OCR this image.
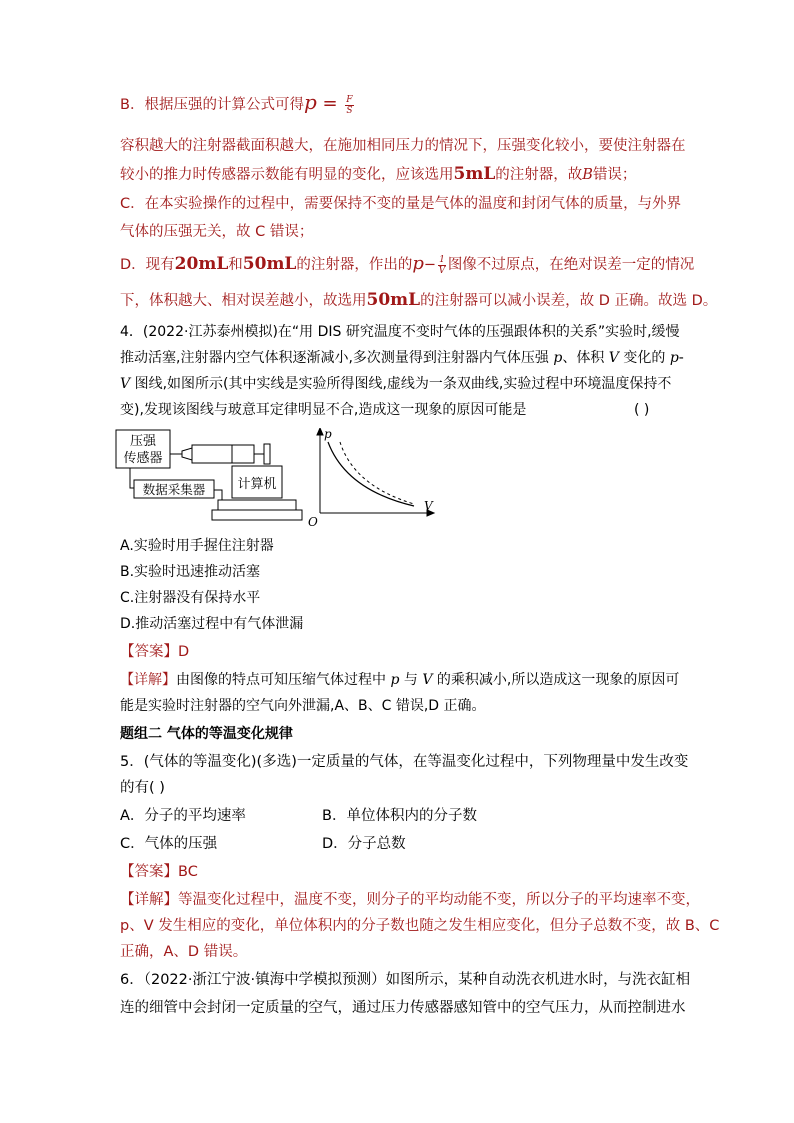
B．根据压强的计算公式可得$p = \frac{F}{S}$
容积越大的注射器截面积越大，在施加相同压力的情况下，压强变化较小，要使注射器在
较小的推力时传感器示数能有明显的变化，应该选用5mL的注射器，故B错误；
C．在本实验操作的过程中，需要保持不变的量是气体的温度和封闭气体的质量，与外界
气体的压强无关，故 C 错误；
D．现有20mL和50mL的注射器，作出的$p- \frac{1}{V}$ 图像不过原点，在绝对误差一定的情况
下，体积越大、相对误差越小，故选用50mL的注射器可以减小误差，故 D 正确。故选 D。
4．(2022·江苏泰州模拟)在“用 DIS 研究温度不变时气体的压强跟体积的关系”实验时,缓慢
推动活塞,注射器内空气体积逐渐减小,多次测量得到注射器内气体压强 p、体积 V 变化的 p-
V 图线,如图所示(其中实线是实验所得图线,虚线为一条双曲线,实验过程中环境温度保持不
变),发现该图线与玻意耳定律明显不合,造成这一现象的原因可能是	( )
压强
传感器
数据采集器 计算机
p
V
O
A.实验时用手握住注射器
B.实验时迅速推动活塞
C.注射器没有保持水平
D.推动活塞过程中有气体泄漏
【答案】D
【详解】由图像的特点可知压缩气体过程中 p 与 V 的乘积减小,所以造成这一现象的原因可
能是实验时注射器的空气向外泄漏,A、B、C 错误,D 正确。
题组二 气体的等温变化规律
5．(气体的等温变化)(多选)一定质量的气体，在等温变化过程中，下列物理量中发生改变
的有( )
A．分子的平均速率	B．单位体积内的分子数
C．气体的压强	D．分子总数
【答案】BC
【详解】等温变化过程中，温度不变，则分子的平均动能不变，所以分子的平均速率不变，
p、V 发生相应的变化，单位体积内的分子数也随之发生相应变化，但分子总数不变，故 B、C
正确，A、D 错误。
6．（2022·浙江宁波·镇海中学模拟预测）如图所示，某种自动洗衣机进水时，与洗衣缸相
连的细管中会封闭一定质量的空气，通过压力传感器感知管中的空气压力，从而控制进水
